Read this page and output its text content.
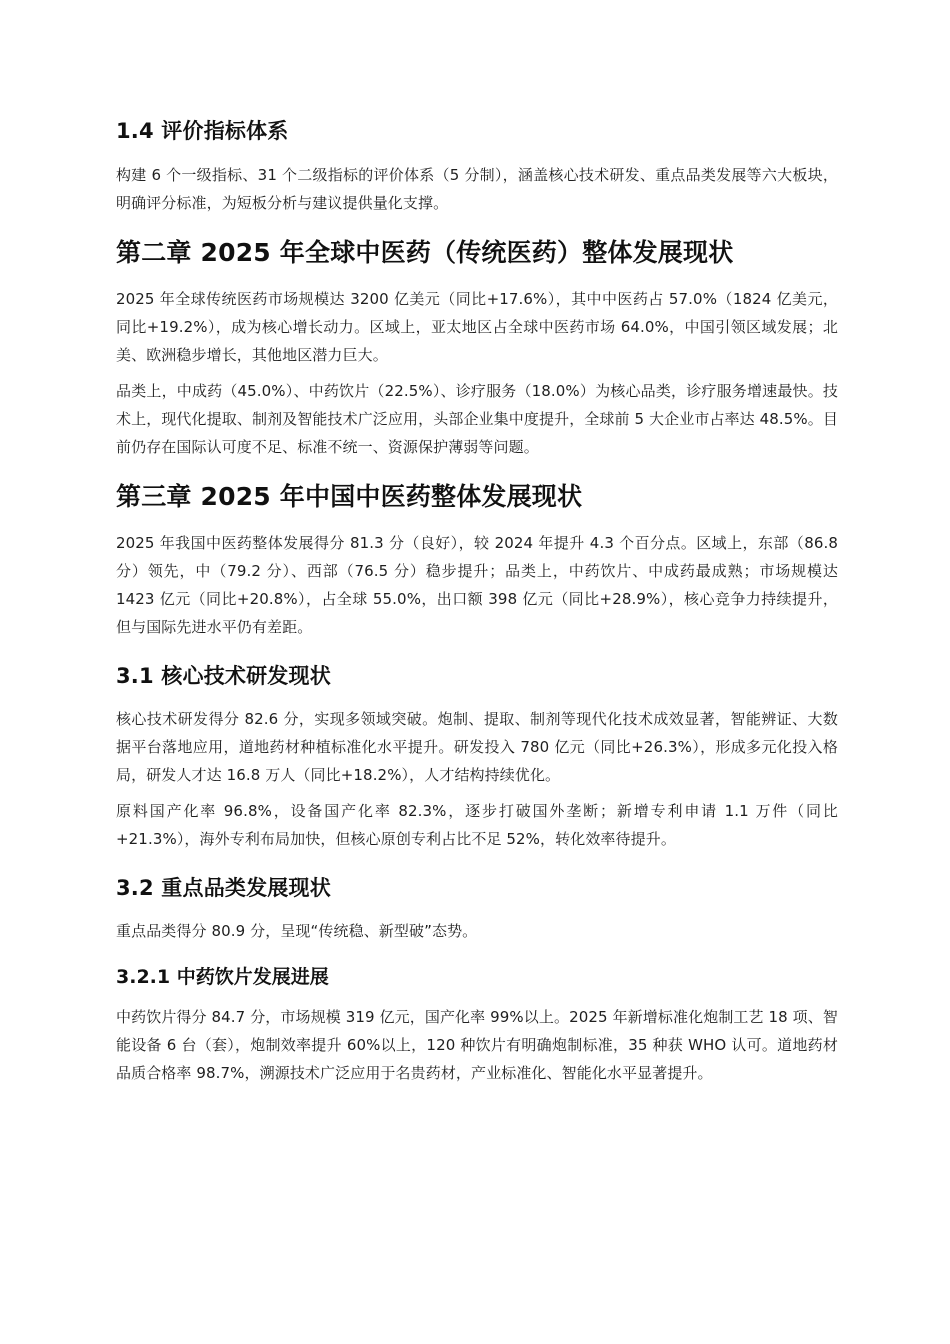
1.4 评价指标体系

构建 6 个一级指标、31 个二级指标的评价体系（5 分制），涵盖核心技术研发、重点品类发展等六大板块，明确评分标准，为短板分析与建议提供量化支撑。

第二章 2025 年全球中医药（传统医药）整体发展现状

2025 年全球传统医药市场规模达 3200 亿美元（同比+17.6%），其中中医药占 57.0%（1824 亿美元，同比+19.2%），成为核心增长动力。区域上，亚太地区占全球中医药市场 64.0%，中国引领区域发展；北美、欧洲稳步增长，其他地区潜力巨大。

品类上，中成药（45.0%）、中药饮片（22.5%）、诊疗服务（18.0%）为核心品类，诊疗服务增速最快。技术上，现代化提取、制剂及智能技术广泛应用，头部企业集中度提升，全球前 5 大企业市占率达 48.5%。目前仍存在国际认可度不足、标准不统一、资源保护薄弱等问题。

第三章 2025 年中国中医药整体发展现状

2025 年我国中医药整体发展得分 81.3 分（良好），较 2024 年提升 4.3 个百分点。区域上，东部（86.8 分）领先，中（79.2 分）、西部（76.5 分）稳步提升；品类上，中药饮片、中成药最成熟；市场规模达 1423 亿元（同比+20.8%），占全球 55.0%，出口额 398 亿元（同比+28.9%），核心竞争力持续提升，但与国际先进水平仍有差距。

3.1 核心技术研发现状

核心技术研发得分 82.6 分，实现多领域突破。炮制、提取、制剂等现代化技术成效显著，智能辨证、大数据平台落地应用，道地药材种植标准化水平提升。研发投入 780 亿元（同比+26.3%），形成多元化投入格局，研发人才达 16.8 万人（同比+18.2%），人才结构持续优化。

原料国产化率 96.8%，设备国产化率 82.3%，逐步打破国外垄断；新增专利申请 1.1 万件（同比+21.3%），海外专利布局加快，但核心原创专利占比不足 52%，转化效率待提升。

3.2 重点品类发展现状

重点品类得分 80.9 分，呈现“传统稳、新型破”态势。

3.2.1 中药饮片发展进展

中药饮片得分 84.7 分，市场规模 319 亿元，国产化率 99%以上。2025 年新增标准化炮制工艺 18 项、智能设备 6 台（套），炮制效率提升 60%以上，120 种饮片有明确炮制标准，35 种获 WHO 认可。道地药材品质合格率 98.7%，溯源技术广泛应用于名贵药材，产业标准化、智能化水平显著提升。
